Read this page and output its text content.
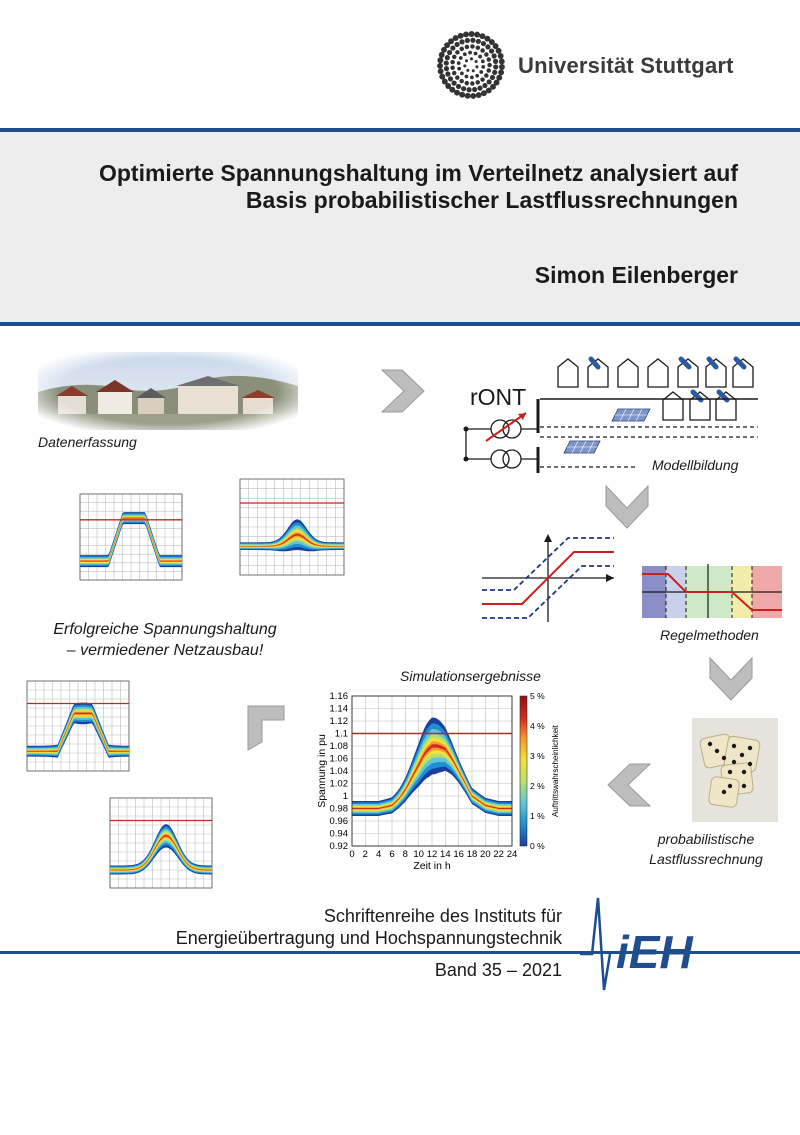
Universität Stuttgart
Optimierte Spannungshaltung im Verteilnetz analysiert auf
Basis probabilistischer Lastflussrechnungen
Simon Eilenberger
Datenerfassung
rONT
Modellbildung
Regelmethoden
probabilistische
Lastflussrechnung
Erfolgreiche Spannungshaltung
– vermiedener Netzausbau!
Simulationsergebnisse
1.16
1.14
1.12
1.1
1.08
1.06
1.04
1.02
1
0.98
0.96
0.94
0.92
0 2 4 6 8 10 12 14 16 18 20 22 24
Zeit in h
Spannung in pu
5 %
4 %
3 %
2 %
1 %
0 %
Auftrittswahrscheinlichkeit
Schriftenreihe des Instituts für
Energieübertragung und Hochspannungstechnik
Band 35 – 2021 iEH
